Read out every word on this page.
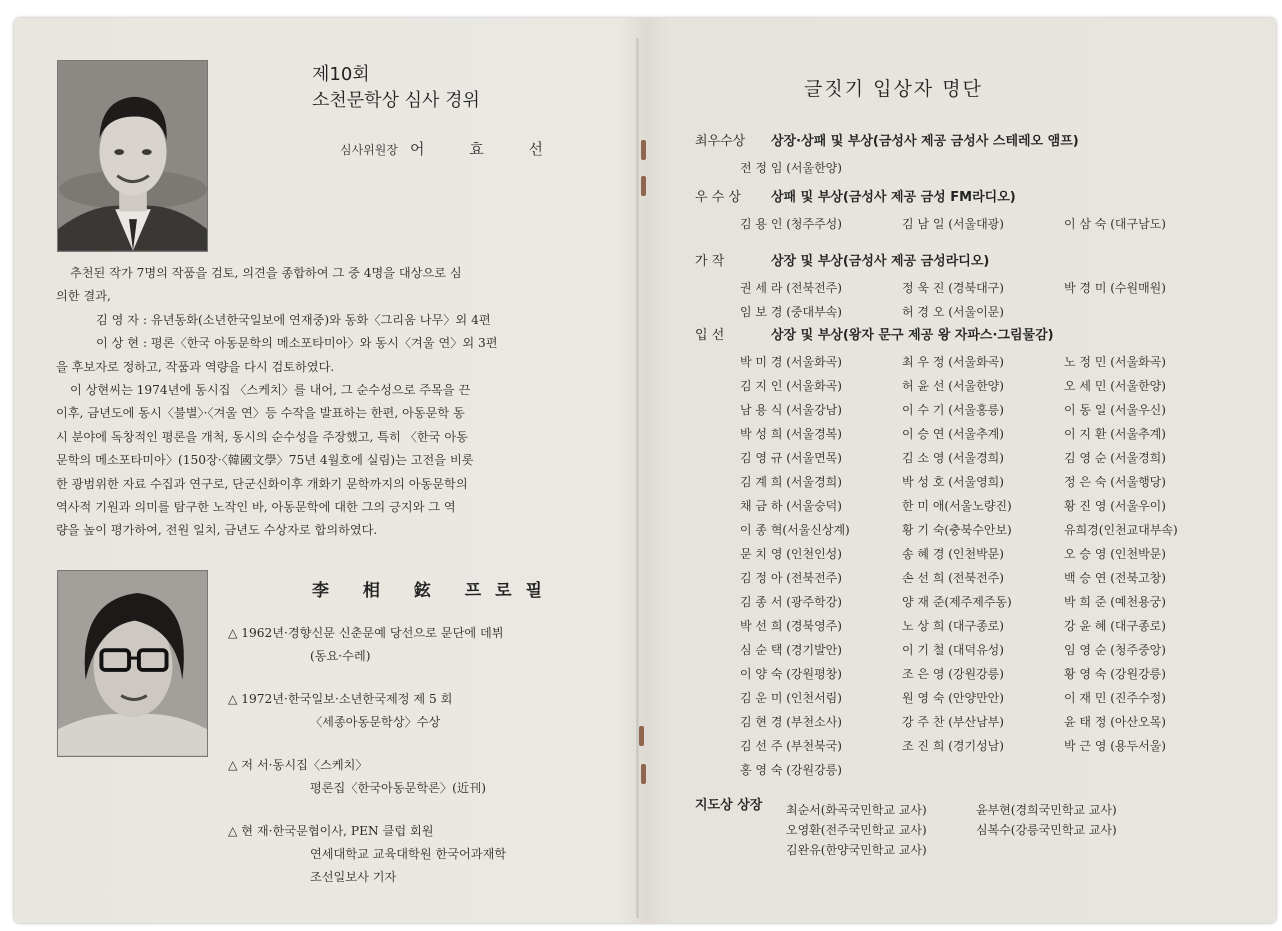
제10회
소천문학상 심사 경위
심사위원장 어 효 선

추천된 작가 7명의 작품을 검토, 의견을 종합하여 그 중 4명을 대상으로 심

의한 결과,

김 영 자 : 유년동화(소년한국일보에 연재중)와 동화〈그리움 나무〉외 4편

이 상 현 : 평론〈한국 아동문학의 메소포타미아〉와 동시〈겨울 연〉외 3편

을 후보자로 정하고, 작품과 역량을 다시 검토하였다.

이 상현씨는 1974년에 동시집 〈스케치〉를 내어, 그 순수성으로 주목을 끈

이후, 금년도에 동시〈불별〉·〈겨울 연〉등 수작을 발표하는 한편, 아동문학 동

시 분야에 독창적인 평론을 개척, 동시의 순수성을 주장했고, 특히 〈한국 아동

문학의 메소포타미아〉(150장·〈韓國文學〉75년 4월호에 실림)는 고전을 비롯

한 광범위한 자료 수집과 연구로, 단군신화이후 개화기 문학까지의 아동문학의

역사적 기원과 의미를 탐구한 노작인 바, 아동문학에 대한 그의 긍지와 그 역

량을 높이 평가하여, 전원 일치, 금년도 수상자로 합의하였다.

李 相 鉉 프로필
△ 1962년·경향신문 신춘문예 당선으로 문단에 데뷔
(동요·수레)
△ 1972년·한국일보·소년한국제정 제 5 회
〈세종아동문학상〉수상
△ 저 서·동시집〈스케치〉
평론집〈한국아동문학론〉(近刊)
△ 현 재·한국문협이사, PEN 클럽 회원
연세대학교 교육대학원 한국어과재학
조선일보사 기자
글짓기 입상자 명단
최우수상 상장·상패 및 부상(금성사 제공 금성사 스테레오 앰프)
전 정 임 (서울한양)
우 수 상 상패 및 부상(금성사 제공 금성 FM라디오)
김 용 인 (청주주성)	김 남 일 (서울대광)	이 삼 숙 (대구남도)
가 작	상장 및 부상(금성사 제공 금성라디오)
권 세 라 (전북전주)	정 욱 진 (경북대구)	박 경 미 (수원매원)
임 보 경 (중대부속)	허 경 오 (서울이문)
입 선	상장 및 부상(왕자 문구 제공 왕 자파스·그림물감)
박 미 경 (서울화곡)	최 우 정 (서울화곡)	노 정 민 (서울화곡)
김 지 인 (서울화곡)	허 윤 선 (서울한양)	오 세 민 (서울한양)
남 용 식 (서울강남)	이 수 기 (서울홍릉)	이 동 일 (서울우신)
박 성 희 (서울경복)	이 승 연 (서울추계)	이 지 환 (서울추계)
김 영 규 (서울면목)	김 소 영 (서울경희)	김 영 순 (서울경희)
김 계 희 (서울경희)	박 성 호 (서울영희)	정 은 숙 (서울행당)
채 금 하 (서울숭덕)	한 미 애(서울노량진)	황 진 영 (서울우이)
이 종 혁(서울신상계)	황 기 숙(충북수안보)	유희경(인천교대부속)
문 치 영 (인천인성)	송 혜 경 (인천박문)	오 승 영 (인천박문)
김 정 아 (전북전주)	손 선 희 (전북전주)	백 승 연 (전북고창)
김 종 서 (광주학강)	양 재 준(제주제주동)	박 희 준 (예천용궁)
박 선 희 (경북영주)	노 상 희 (대구종로)	강 윤 혜 (대구종로)
심 순 택 (경기발안)	이 기 철 (대덕유성)	임 영 순 (청주중앙)
이 양 숙 (강원평창)	조 은 영 (강원강릉)	황 영 숙 (강원강릉)
김 운 미 (인천서림)	원 영 숙 (안양만안)	이 재 민 (진주수정)
김 현 경 (부천소사)	강 주 찬 (부산남부)	윤 태 정 (아산오목)
김 선 주 (부천북국)	조 진 희 (경기성남)	박 근 영 (용두서울)
홍 영 숙 (강원강릉)
지도상 상장	최순서(화곡국민학교 교사)	윤부현(경희국민학교 교사)
오영환(전주국민학교 교사)	심복수(강릉국민학교 교사)
김완유(한양국민학교 교사)
